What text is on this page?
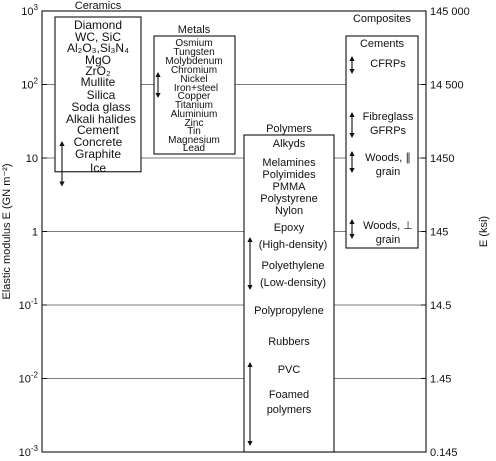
$10^3$
$10^2$
10
1
$10^{-1}$
$10^{-2}$
$10^{-3}$
145 000
14 500
1450
145
14.5
1.45
0.145
Elastic modulus E (GN m⁻²)	E (ksi)
Ceramics
Diamond
WC, SiC
Al₂O₃,Si₃N₄
MgO
ZrO₂
Mullite
Silica
Soda glass
Alkali halides
Cement
Concrete
Graphite
Ice
Metals
Osmium
Tungsten
Molybdenum
Chromium
Nickel
Iron+steel
Copper
Titanium
Aluminium
Zinc
Tin
Magnesium
Lead
Polymers
Alkyds
Melamines
Polyimides
PMMA
Polystyrene
Nylon
Epoxy
(High-density)
Polyethylene
(Low-density)
Polypropylene
Rubbers
PVC
Foamed
polymers
Composites
Cements
CFRPs
Fibreglass
GFRPs
Woods, ∥
grain
Woods, ⊥
grain
